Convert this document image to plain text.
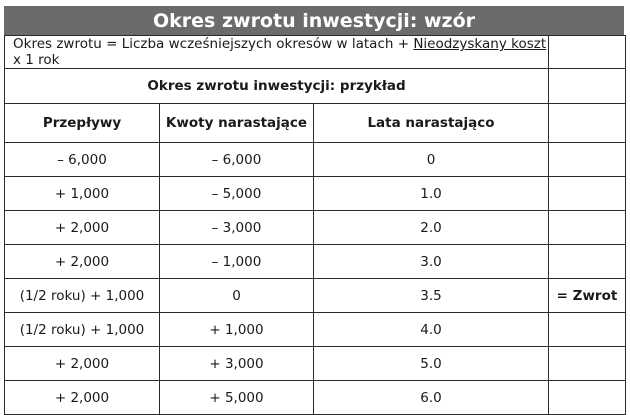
Okres zwrotu inwestycji: wzór
Okres zwrotu = Liczba wcześniejszych okresów w latach + Nieodzyskany koszt x 1 rok			
Okres zwrotu inwestycji: przykład			
Przepływy	Kwoty narastające	Lata narastająco	
– 6,000	– 6,000	0	
+ 1,000	– 5,000	1.0	
+ 2,000	– 3,000	2.0	
+ 2,000	– 1,000	3.0	
(1/2 roku) + 1,000	0	3.5	= Zwrot
(1/2 roku) + 1,000	+ 1,000	4.0	
+ 2,000	+ 3,000	5.0	
+ 2,000	+ 5,000	6.0	
